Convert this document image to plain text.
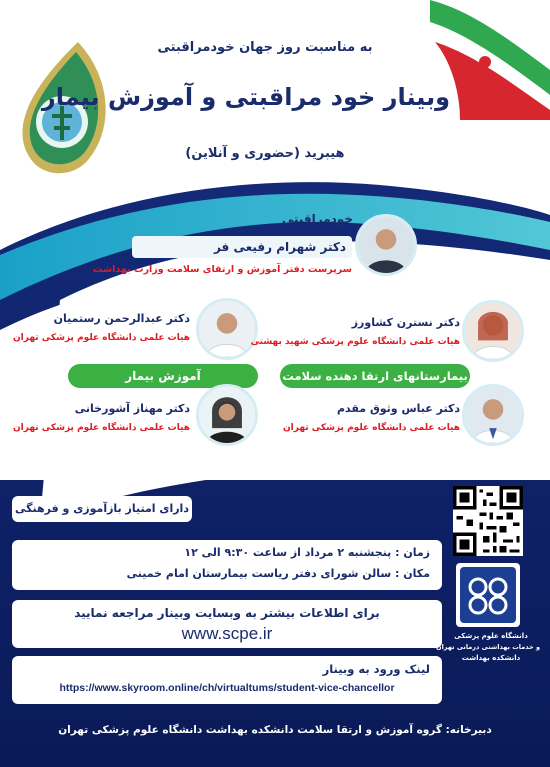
به مناسبت روز جهان خودمراقبتی
وبینار خود مراقبتی و آموزش بیمار
هیبرید (حضوری و آنلاین)
خودمراقبتی
دکتر شهرام رفیعی فر
سرپرست دفتر آموزش و ارتقای سلامت وزارت بهداشت
دکتر عبدالرحمن رستمیان
هیات علمی دانشگاه علوم پزشکی تهران
دکتر نسترن کشاورز
هیات علمی دانشگاه علوم پزشکی شهید بهشتی
آموزش بیمار	بیمارستانهای ارتقا دهنده سلامت
دکتر مهناز آشورخانی
هیات علمی دانشگاه علوم پزشکی تهران
دکتر عباس وثوق مقدم
هیات علمی دانشگاه علوم پزشکی تهران
دارای امتیاز بازآموزی و فرهنگی
زمان : پنجشنبه ۲ مرداد از ساعت ۹:۳۰ الی ۱۲
مکان : سالن شورای دفتر ریاست بیمارستان امام خمینی
برای اطلاعات بیشتر به وبسایت وبینار مراجعه نمایید
www.scpe.ir
لینک ورود به وبینار
https://www.skyroom.online/ch/virtualtums/student-vice-chancellor
دانشگاه علوم پزشکی
و خدمات بهداشتی درمانی تهران
دانشکده بهداشت
دبیرخانه: گروه آموزش و ارتقا سلامت دانشکده بهداشت دانشگاه علوم پزشکی تهران
